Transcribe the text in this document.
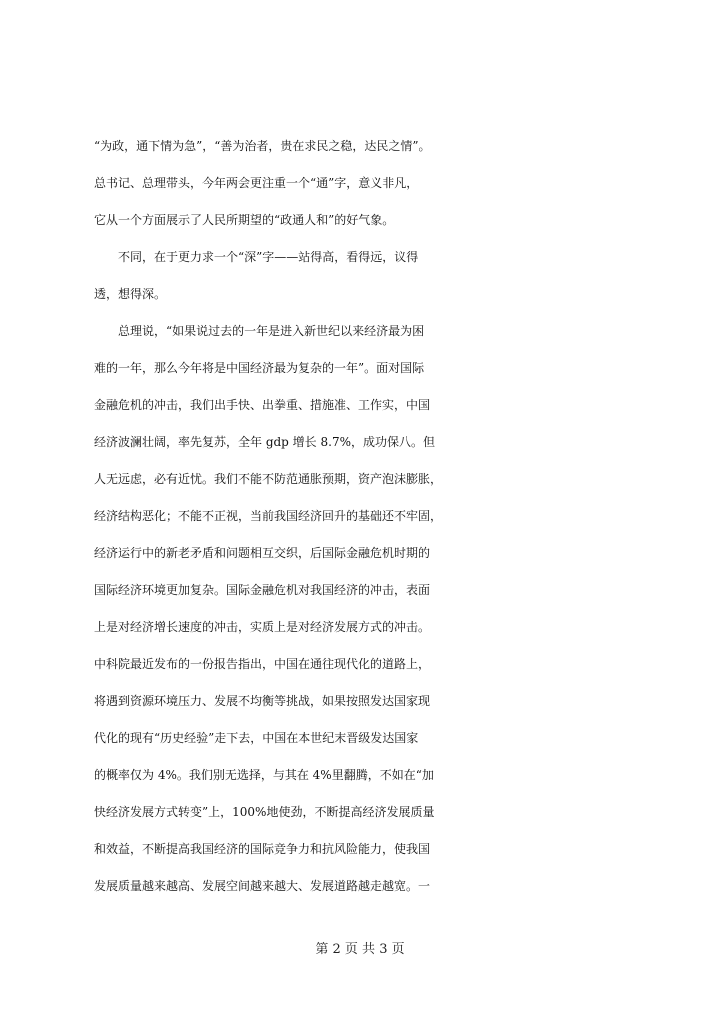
“为政，通下情为急”，“善为治者，贵在求民之稳，达民之情”。
总书记、总理带头，今年两会更注重一个“通”字，意义非凡，
它从一个方面展示了人民所期望的“政通人和”的好气象。
　　不同，在于更力求一个“深”字——站得高，看得远，议得
透，想得深。
　　总理说，“如果说过去的一年是进入新世纪以来经济最为困
难的一年，那么今年将是中国经济最为复杂的一年”。面对国际
金融危机的冲击，我们出手快、出拳重、措施准、工作实，中国
经济波澜壮阔，率先复苏，全年 gdp 增长 8.7%，成功保八。但
人无远虑，必有近忧。我们不能不防范通胀预期，资产泡沫膨胀，
经济结构恶化；不能不正视，当前我国经济回升的基础还不牢固，
经济运行中的新老矛盾和问题相互交织，后国际金融危机时期的
国际经济环境更加复杂。国际金融危机对我国经济的冲击，表面
上是对经济增长速度的冲击，实质上是对经济发展方式的冲击。
中科院最近发布的一份报告指出，中国在通往现代化的道路上，
将遇到资源环境压力、发展不均衡等挑战，如果按照发达国家现
代化的现有“历史经验”走下去，中国在本世纪末晋级发达国家
的概率仅为 4%。我们别无选择，与其在 4%里翻腾，不如在“加
快经济发展方式转变”上，100%地使劲，不断提高经济发展质量
和效益，不断提高我国经济的国际竞争力和抗风险能力，使我国
发展质量越来越高、发展空间越来越大、发展道路越走越宽。一
第 2 页 共 3 页
